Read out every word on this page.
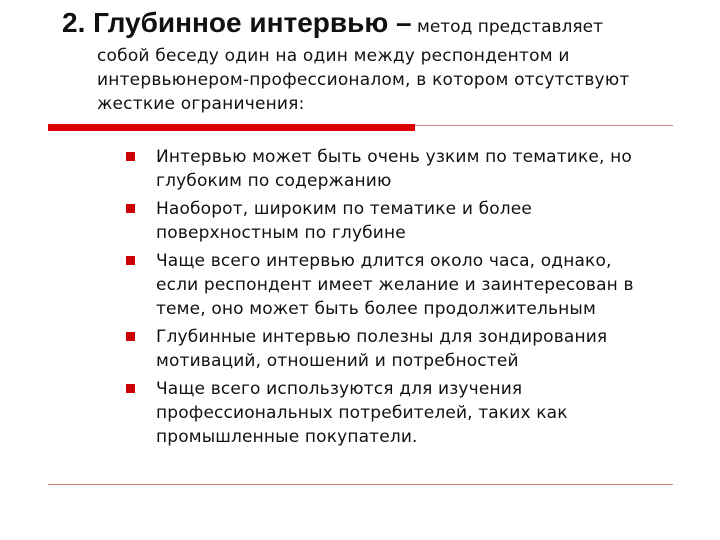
2. Глубинное интервью – метод представляет
собой беседу один на один между респондентом и
интервьюнером-профессионалом, в котором отсутствуют
жесткие ограничения:
Интервью может быть очень узким по тематике, но
глубоким по содержанию
Наоборот, широким по тематике и более
поверхностным по глубине
Чаще всего интервью длится около часа, однако,
если респондент имеет желание и заинтересован в
теме, оно может быть более продолжительным
Глубинные интервью полезны для зондирования
мотиваций, отношений и потребностей
Чаще всего используются для изучения
профессиональных потребителей, таких как
промышленные покупатели.
